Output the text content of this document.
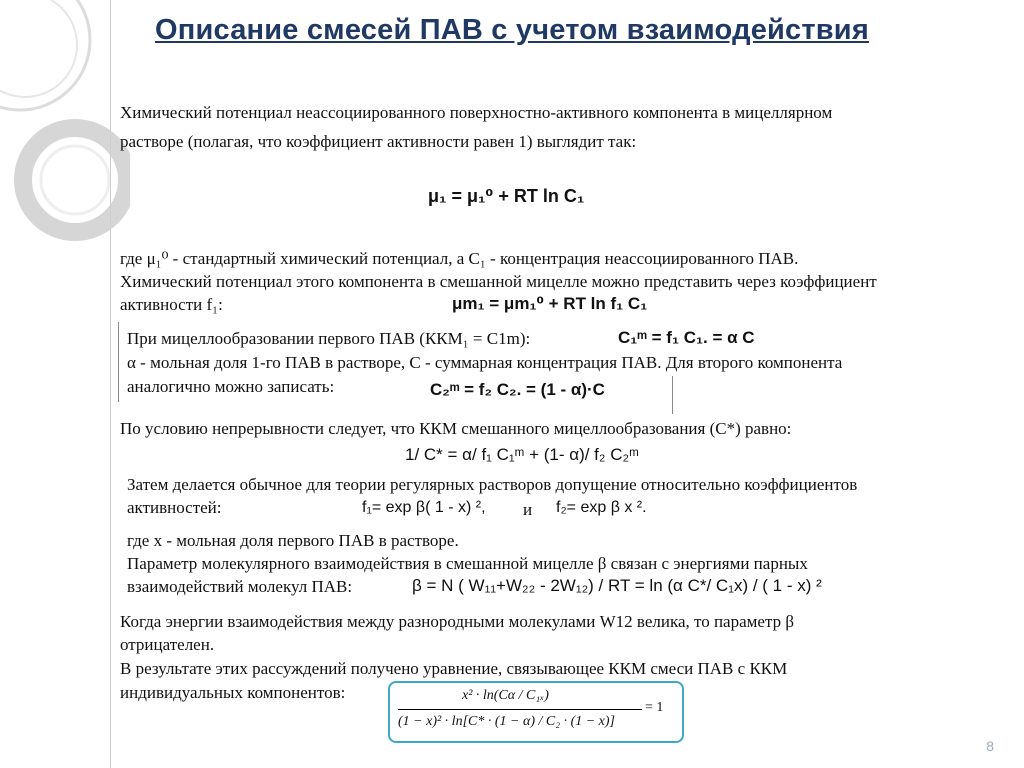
Описание смесей ПАВ с учетом взаимодействия
Химический потенциал неассоциированного поверхностно-активного компонента в мицеллярном
растворе (полагая, что коэффициент активности равен 1) выглядит так:
μ₁ = μ₁⁰ + RT ln C₁
где μ₁⁰ - стандартный химический потенциал, а C₁ - концентрация неассоциированного ПАВ.
Химический потенциал этого компонента в смешанной мицелле можно представить через коэффициент
активности f₁:	μm₁ = μm₁⁰ + RT ln f₁ C₁
При мицеллообразовании первого ПАВ (ККМ₁ = С1m):	C₁ᵐ = f₁ C₁. = α C
α - мольная доля 1-го ПАВ в растворе, С - суммарная концентрация ПАВ. Для второго компонента
аналогично можно записать:	C₂ᵐ = f₂ C₂. = (1 - α)·C
По условию непрерывности следует, что ККМ смешанного мицеллообразования (С*) равно:
1/ C* = α/ f₁ C₁ᵐ + (1- α)/ f₂ C₂ᵐ
Затем делается обычное для теории регулярных растворов допущение относительно коэффициентов
активностей:	f₁= exp β( 1 - x) ², и f₂= exp β x ².
где x - мольная доля первого ПАВ в растворе.
Параметр молекулярного взаимодействия в смешанной мицелле β связан с энергиями парных
взаимодействий молекул ПАВ:	β = N ( W₁₁+W₂₂ - 2W₁₂) / RT = ln (α C*/ C₁x) / ( 1 - x) ²
Когда энергии взаимодействия между разнородными молекулами W12 велика, то параметр β
отрицателен.
В результате этих рассуждений получено уравнение, связывающее ККМ смеси ПАВ с ККМ
индивидуальных компонентов:	x² · ln(Cα / C₁ₓ)
(1 − x)² · ln[C* · (1 − α) / C₂ · (1 − x)]
= 1
8
